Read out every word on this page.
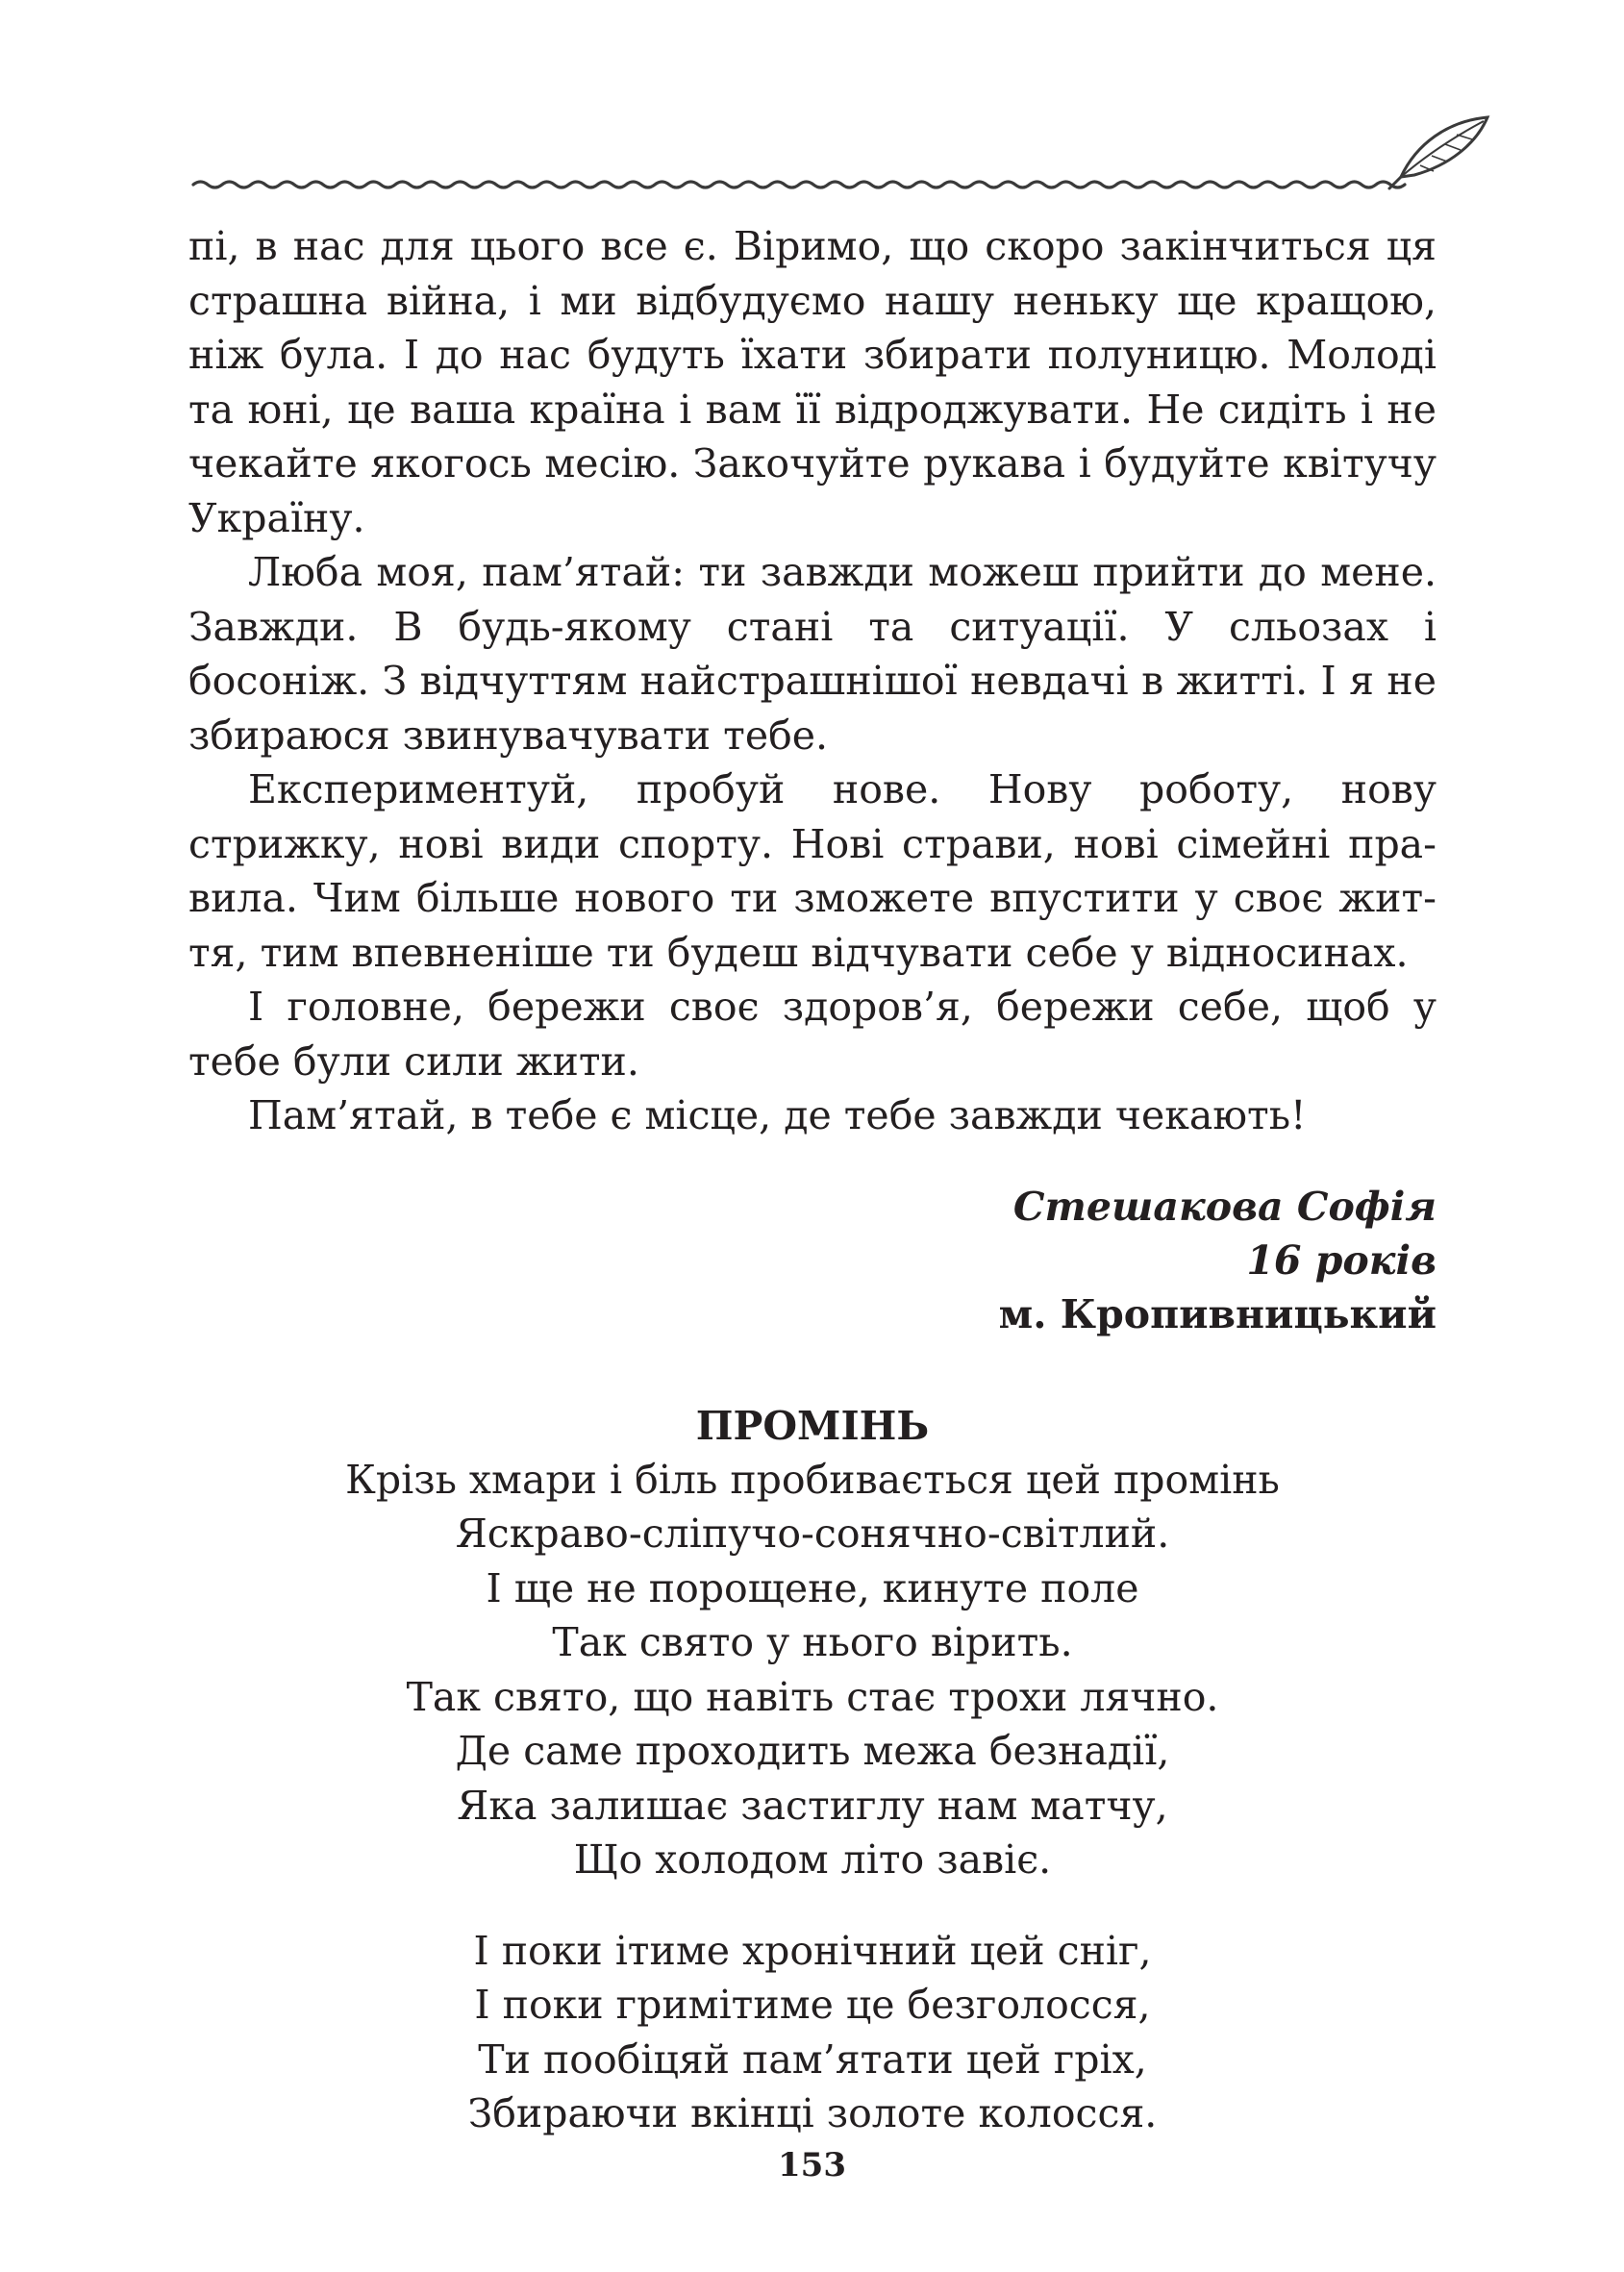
пі, в нас для цього все є. Віримо, що скоро закінчиться ця страшна війна, і ми відбудуємо нашу неньку ще кращою, ніж була. І до нас будуть їхати збирати полуницю. Молоді та юні, це ваша країна і вам її відроджувати. Не сидіть і не чекайте якогось месію. Закочуйте рукава і будуйте квітучу Україну.

Люба моя, пам’ятай: ти завжди можеш прийти до мене. Завжди. В будь-якому стані та ситуації. У сльозах і босоніж. З відчуттям найстрашнішої невдачі в житті. І я не збираюся звинувачувати тебе.

Експериментуй, пробуй нове. Нову роботу, нову стрижку, нові види спорту. Нові страви, нові сімейні правила. Чим більше нового ти зможете впустити у своє життя, тим впевненіше ти будеш відчувати себе у відносинах.

І головне, бережи своє здоров’я, бережи себе, щоб у тебе були сили жити.

Пам’ятай, в тебе є місце, де тебе завжди чекають!

Стешакова Софія
16 років
м. Кропивницький
ПРОМІНЬ
Крізь хмари і біль пробивається цей промінь
Яскраво-сліпучо-сонячно-світлий.
І ще не порощене, кинуте поле
Так свято у нього вірить.
Так свято, що навіть стає трохи лячно.
Де саме проходить межа безнадії,
Яка залишає застиглу нам матчу,
Що холодом літо завіє.
І поки ітиме хронічний цей сніг,
І поки гримітиме це безголосся,
Ти пообіцяй пам’ятати цей гріх,
Збираючи вкінці золоте колосся.
153
